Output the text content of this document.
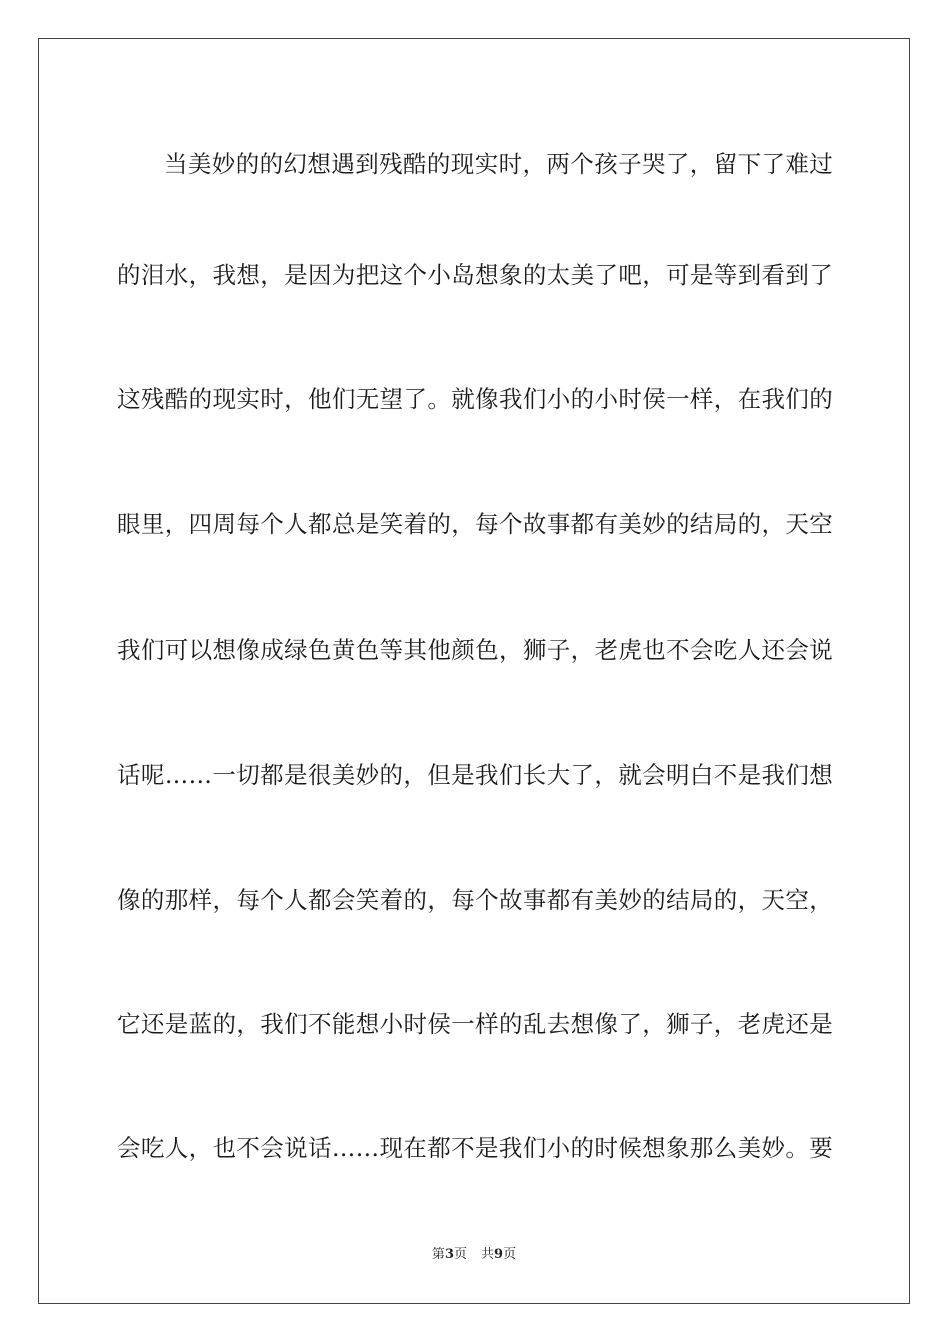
当美妙的的幻想遇到残酷的现实时，两个孩子哭了，留下了难过
的泪水，我想，是因为把这个小岛想象的太美了吧，可是等到看到了
这残酷的现实时，他们无望了。就像我们小的小时侯一样，在我们的
眼里，四周每个人都总是笑着的，每个故事都有美妙的结局的，天空
我们可以想像成绿色黄色等其他颜色，狮子，老虎也不会吃人还会说
话呢……一切都是很美妙的，但是我们长大了，就会明白不是我们想
像的那样，每个人都会笑着的，每个故事都有美妙的结局的，天空，
它还是蓝的，我们不能想小时侯一样的乱去想像了，狮子，老虎还是
会吃人，也不会说话……现在都不是我们小的时候想象那么美妙。要
第3页 共9页
